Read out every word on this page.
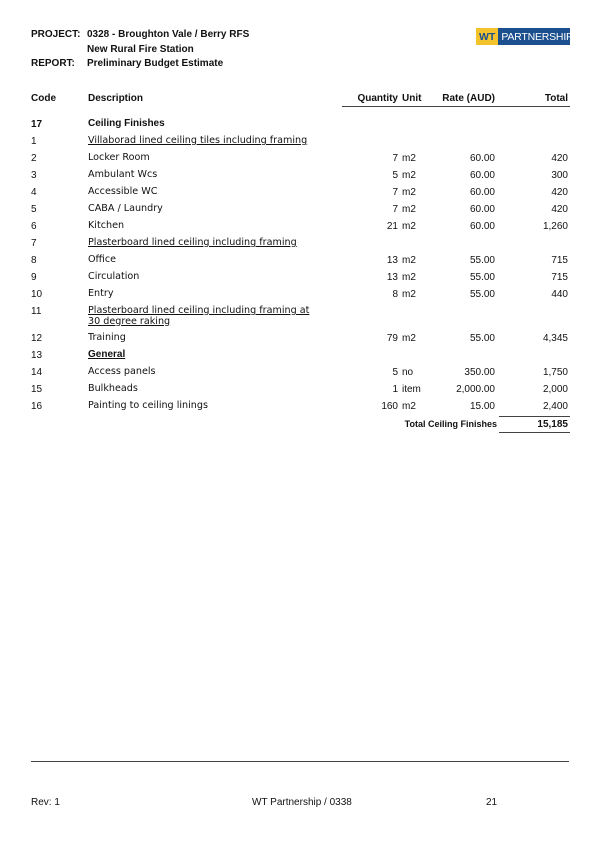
PROJECT: 0328 - Broughton Vale / Berry RFS
New Rural Fire Station
REPORT:	Preliminary Budget Estimate
WT PARTNERSHIP
Code	Description	Quantity Unit Rate (AUD)	Total
17	Ceiling Finishes
1	Villaborad lined ceiling tiles including framing
2	Locker Room	7 m2	60.00	420
3	Ambulant Wcs	5 m2	60.00	300
4	Accessible WC	7 m2	60.00	420
5	CABA / Laundry	7 m2	60.00	420
6	Kitchen	21 m2	60.00	1,260
7	Plasterboard lined ceiling including framing
8	Office	13 m2	55.00	715
9	Circulation	13 m2	55.00	715
10	Entry	8 m2	55.00	440
11	Plasterboard lined ceiling including framing at 30 degree raking
12	Training	79 m2	55.00	4,345
13	General
14	Access panels	5 no	350.00	1,750
15	Bulkheads	1 item	2,000.00	2,000
16	Painting to ceiling linings	160 m2	15.00	2,400
Total Ceiling Finishes	15,185
Rev: 1	WT Partnership / 0338	21
